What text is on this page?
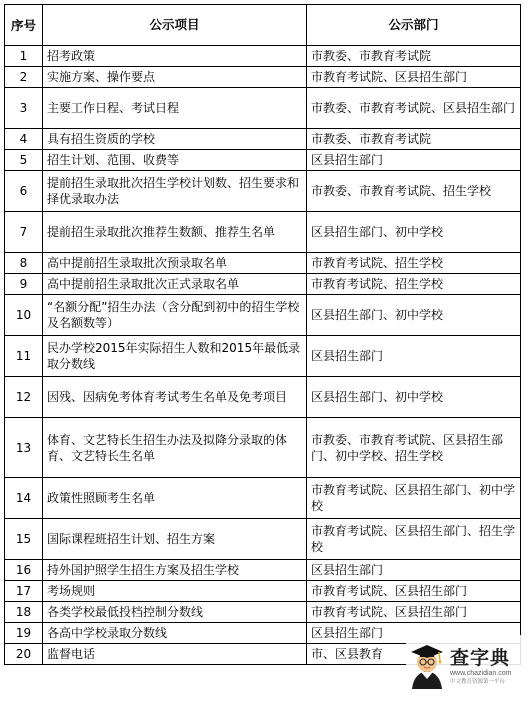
序号	公示项目	公示部门
1	招考政策	市教委、市教育考试院
2	实施方案、操作要点	市教育考试院、区县招生部门
3	主要工作日程、考试日程	市教委、市教育考试院、区县招生部门
4	具有招生资质的学校	市教委、市教育考试院
5	招生计划、范围、收费等	区县招生部门
6	提前招生录取批次招生学校计划数、招生要求和择优录取办法	市教委、市教育考试院、招生学校
7	提前招生录取批次推荐生数额、推荐生名单	区县招生部门、初中学校
8	高中提前招生录取批次预录取名单	市教育考试院、招生学校
9	高中提前招生录取批次正式录取名单	市教育考试院、招生学校
10	“名额分配”招生办法（含分配到初中的招生学校及名额数等）	区县招生部门、初中学校
11	民办学校2015年实际招生人数和2015年最低录取分数线	区县招生部门
12	因残、因病免考体育考试考生名单及免考项目	区县招生部门、初中学校
13	体育、文艺特长生招生办法及拟降分录取的体育、文艺特长生名单	市教委、市教育考试院、区县招生部门、初中学校、招生学校
14	政策性照顾考生名单	市教育考试院、区县招生部门、初中学校
15	国际课程班招生计划、招生方案	市教育考试院、区县招生部门、招生学校
16	持外国护照学生招生方案及招生学校	区县招生部门
17	考场规则	市教育考试院、区县招生部门
18	各类学校最低投档控制分数线	市教育考试院、区县招生部门
19	各高中学校录取分数线	区县招生部门
20	监督电话	市、区县教育	查字典
www.chazidian.com
中文教育资源第一平台
